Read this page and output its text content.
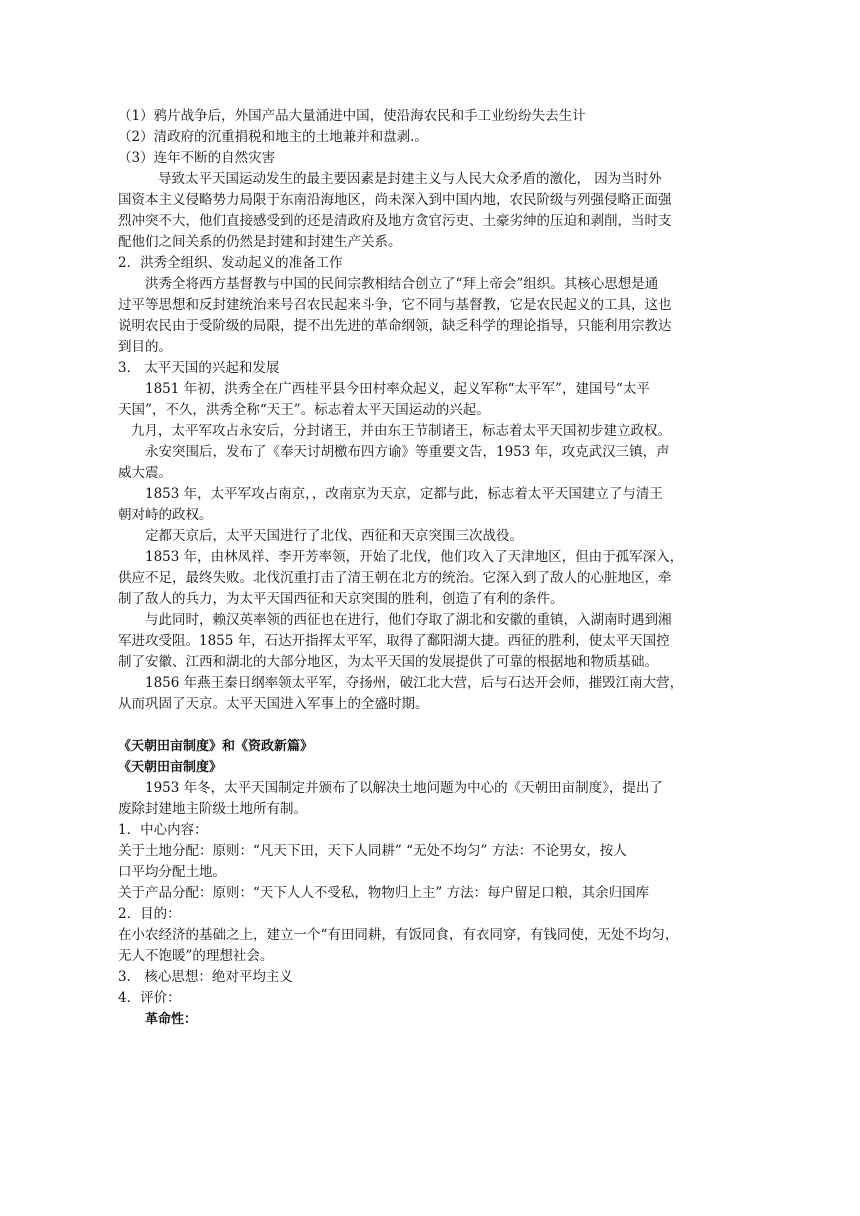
（1）鸦片战争后，外国产品大量涌进中国，使沿海农民和手工业纷纷失去生计
（2）清政府的沉重捐税和地主的土地兼并和盘剥.。
（3）连年不断的自然灾害
导致太平天国运动发生的最主要因素是封建主义与人民大众矛盾的激化， 因为当时外
国资本主义侵略势力局限于东南沿海地区，尚未深入到中国内地，农民阶级与列强侵略正面强
烈冲突不大，他们直接感受到的还是清政府及地方贪官污吏、土豪劣绅的压迫和剥削，当时支
配他们之间关系的仍然是封建和封建生产关系。
2．洪秀全组织、发动起义的准备工作
洪秀全将西方基督教与中国的民间宗教相结合创立了“拜上帝会”组织。其核心思想是通
过平等思想和反封建统治来号召农民起来斗争，它不同与基督教，它是农民起义的工具，这也
说明农民由于受阶级的局限，提不出先进的革命纲领，缺乏科学的理论指导，只能利用宗教达
到目的。
3． 太平天国的兴起和发展
1851 年初，洪秀全在广西桂平县今田村率众起义，起义军称“太平军”，建国号“太平
天国”，不久，洪秀全称“天王”。标志着太平天国运动的兴起。
九月，太平军攻占永安后，分封诸王，并由东王节制诸王，标志着太平天国初步建立政权。
永安突围后，发布了《奉天讨胡檄布四方谕》等重要文告，1953 年，攻克武汉三镇，声
威大震。
1853 年，太平军攻占南京，，改南京为天京，定都与此，标志着太平天国建立了与清王
朝对峙的政权。
定都天京后，太平天国进行了北伐、西征和天京突围三次战役。
1853 年，由林凤祥、李开芳率领，开始了北伐，他们攻入了天津地区，但由于孤军深入，
供应不足，最终失败。北伐沉重打击了清王朝在北方的统治。它深入到了敌人的心脏地区，牵
制了敌人的兵力，为太平天国西征和天京突围的胜利，创造了有利的条件。
与此同时，赖汉英率领的西征也在进行，他们夺取了湖北和安徽的重镇，入湖南时遇到湘
军进攻受阻。1855 年，石达开指挥太平军，取得了鄱阳湖大捷。西征的胜利，使太平天国控
制了安徽、江西和湖北的大部分地区，为太平天国的发展提供了可靠的根据地和物质基础。
1856 年燕王秦日纲率领太平军，夺扬州，破江北大营，后与石达开会师，摧毁江南大营，
从而巩固了天京。太平天国进入军事上的全盛时期。
《天朝田亩制度》和《资政新篇》
《天朝田亩制度》
1953 年冬，太平天国制定并颁布了以解决土地问题为中心的《天朝田亩制度》，提出了
废除封建地主阶级土地所有制。
1．中心内容：
关于土地分配：原则：“凡天下田，天下人同耕” “无处不均匀” 方法：不论男女，按人
口平均分配土地。
关于产品分配：原则：“天下人人不受私，物物归上主” 方法：每户留足口粮，其余归国库
2．目的：
在小农经济的基础之上，建立一个“有田同耕，有饭同食，有衣同穿，有钱同使，无处不均匀，
无人不饱暖”的理想社会。
3． 核心思想：绝对平均主义
4．评价：
革命性：
